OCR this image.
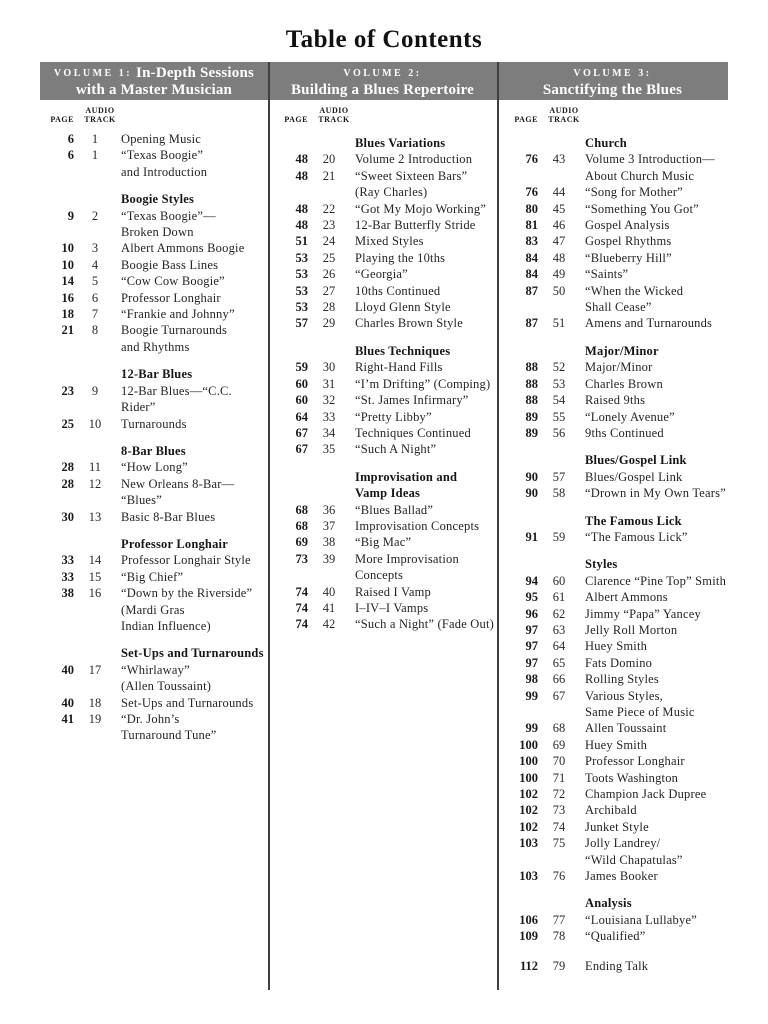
Table of Contents
VOLUME 1: In-Depth Sessions
with a Master Musician
VOLUME 2:
Building a Blues Repertoire
VOLUME 3:
Sanctifying the Blues
PAGE
AUDIO
TRACK
6	1	Opening Music
6	1	“Texas Boogie”
and Introduction
Boogie Styles
9	2	“Texas Boogie”—
Broken Down
10	3	Albert Ammons Boogie
10	4	Boogie Bass Lines
14	5	“Cow Cow Boogie”
16	6	Professor Longhair
18	7	“Frankie and Johnny”
21	8	Boogie Turnarounds
and Rhythms
12-Bar Blues
23	9	12-Bar Blues—“C.C. Rider”
25	10	Turnarounds
8-Bar Blues
28	11	“How Long”
28	12	New Orleans 8-Bar—
“Blues”
30	13	Basic 8-Bar Blues
Professor Longhair
33	14	Professor Longhair Style
33	15	“Big Chief”
38	16	“Down by the Riverside”
(Mardi Gras
Indian Influence)
Set-Ups and Turnarounds
40	17	“Whirlaway”
(Allen Toussaint)
40	18	Set-Ups and Turnarounds
41	19	“Dr. John’s
Turnaround Tune”
PAGE
AUDIO
TRACK
Blues Variations
48	20	Volume 2 Introduction
48	21	“Sweet Sixteen Bars”
(Ray Charles)
48	22	“Got My Mojo Working”
48	23	12-Bar Butterfly Stride
51	24	Mixed Styles
53	25	Playing the 10ths
53	26	“Georgia”
53	27	10ths Continued
53	28	Lloyd Glenn Style
57	29	Charles Brown Style
Blues Techniques
59	30	Right-Hand Fills
60	31	“I’m Drifting” (Comping)
60	32	“St. James Infirmary”
64	33	“Pretty Libby”
67	34	Techniques Continued
67	35	“Such A Night”
Improvisation and
Vamp Ideas
68	36	“Blues Ballad”
68	37	Improvisation Concepts
69	38	“Big Mac”
73	39	More Improvisation
Concepts
74	40	Raised I Vamp
74	41	I–IV–I Vamps
74	42	“Such a Night” (Fade Out)
PAGE
AUDIO
TRACK
Church
76	43	Volume 3 Introduction—
About Church Music
76	44	“Song for Mother”
80	45	“Something You Got”
81	46	Gospel Analysis
83	47	Gospel Rhythms
84	48	“Blueberry Hill”
84	49	“Saints”
87	50	“When the Wicked
Shall Cease”
87	51	Amens and Turnarounds
Major/Minor
88	52	Major/Minor
88	53	Charles Brown
88	54	Raised 9ths
89	55	“Lonely Avenue”
89	56	9ths Continued
Blues/Gospel Link
90	57	Blues/Gospel Link
90	58	“Drown in My Own Tears”
The Famous Lick
91	59	“The Famous Lick”
Styles
94	60	Clarence “Pine Top” Smith
95	61	Albert Ammons
96	62	Jimmy “Papa” Yancey
97	63	Jelly Roll Morton
97	64	Huey Smith
97	65	Fats Domino
98	66	Rolling Styles
99	67	Various Styles,
Same Piece of Music
99	68	Allen Toussaint
100	69	Huey Smith
100	70	Professor Longhair
100	71	Toots Washington
102	72	Champion Jack Dupree
102	73	Archibald
102	74	Junket Style
103	75	Jolly Landrey/
“Wild Chapatulas”
103	76	James Booker
Analysis
106	77	“Louisiana Lullabye”
109	78	“Qualified”
112	79	Ending Talk
